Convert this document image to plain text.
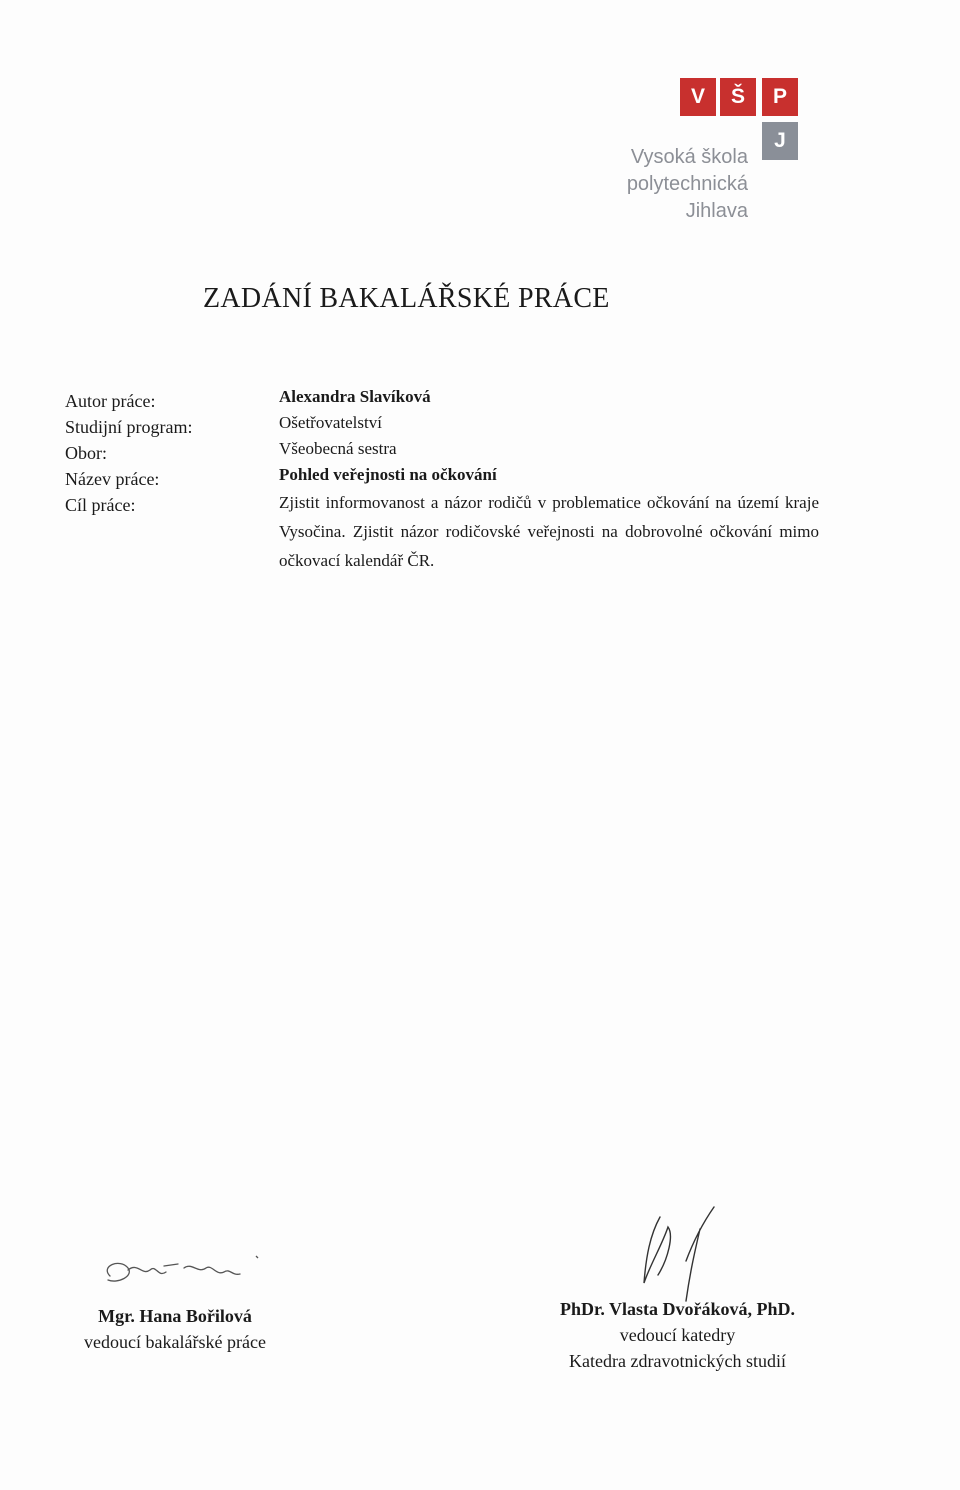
V	Š	P
J
Vysoká škola
polytechnická
Jihlava
ZADÁNÍ BAKALÁŘSKÉ PRÁCE
Autor práce:
Studijní program:
Obor:
Název práce:
Cíl práce:
Alexandra Slavíková
Ošetřovatelství
Všeobecná sestra
Pohled veřejnosti na očkování
Zjistit informovanost a názor rodičů v problematice očkování na území kraje Vysočina. Zjistit názor rodičovské veřejnosti na dobrovolné očkování mimo očkovací kalendář ČR.
Mgr. Hana Bořilová
vedoucí bakalářské práce
PhDr. Vlasta Dvořáková, PhD.
vedoucí katedry
Katedra zdravotnických studií
